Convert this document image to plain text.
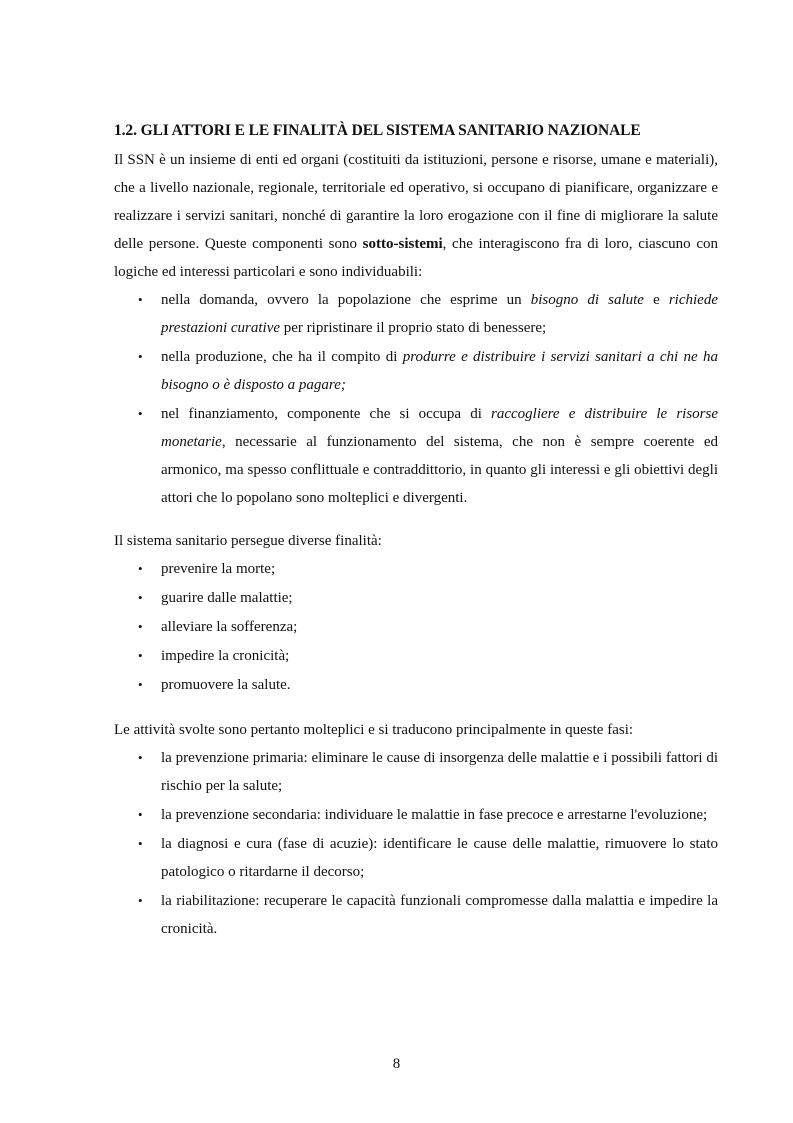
1.2. GLI ATTORI E LE FINALITÀ DEL SISTEMA SANITARIO NAZIONALE

Il SSN è un insieme di enti ed organi (costituiti da istituzioni, persone e risorse, umane e materiali), che a livello nazionale, regionale, territoriale ed operativo, si occupano di pianificare, organizzare e realizzare i servizi sanitari, nonché di garantire la loro erogazione con il fine di migliorare la salute delle persone. Queste componenti sono sotto-sistemi, che interagiscono fra di loro, ciascuno con logiche ed interessi particolari e sono individuabili:

• nella domanda, ovvero la popolazione che esprime un bisogno di salute e richiede prestazioni curative per ripristinare il proprio stato di benessere;
• nella produzione, che ha il compito di produrre e distribuire i servizi sanitari a chi ne ha bisogno o è disposto a pagare;
• nel finanziamento, componente che si occupa di raccogliere e distribuire le risorse monetarie, necessarie al funzionamento del sistema, che non è sempre coerente ed armonico, ma spesso conflittuale e contraddittorio, in quanto gli interessi e gli obiettivi degli attori che lo popolano sono molteplici e divergenti.

Il sistema sanitario persegue diverse finalità:

• prevenire la morte;
• guarire dalle malattie;
• alleviare la sofferenza;
• impedire la cronicità;
• promuovere la salute.

Le attività svolte sono pertanto molteplici e si traducono principalmente in queste fasi:

• la prevenzione primaria: eliminare le cause di insorgenza delle malattie e i possibili fattori di rischio per la salute;
• la prevenzione secondaria: individuare le malattie in fase precoce e arrestarne l'evoluzione;
• la diagnosi e cura (fase di acuzie): identificare le cause delle malattie, rimuovere lo stato patologico o ritardarne il decorso;
• la riabilitazione: recuperare le capacità funzionali compromesse dalla malattia e impedire la cronicità.
8
